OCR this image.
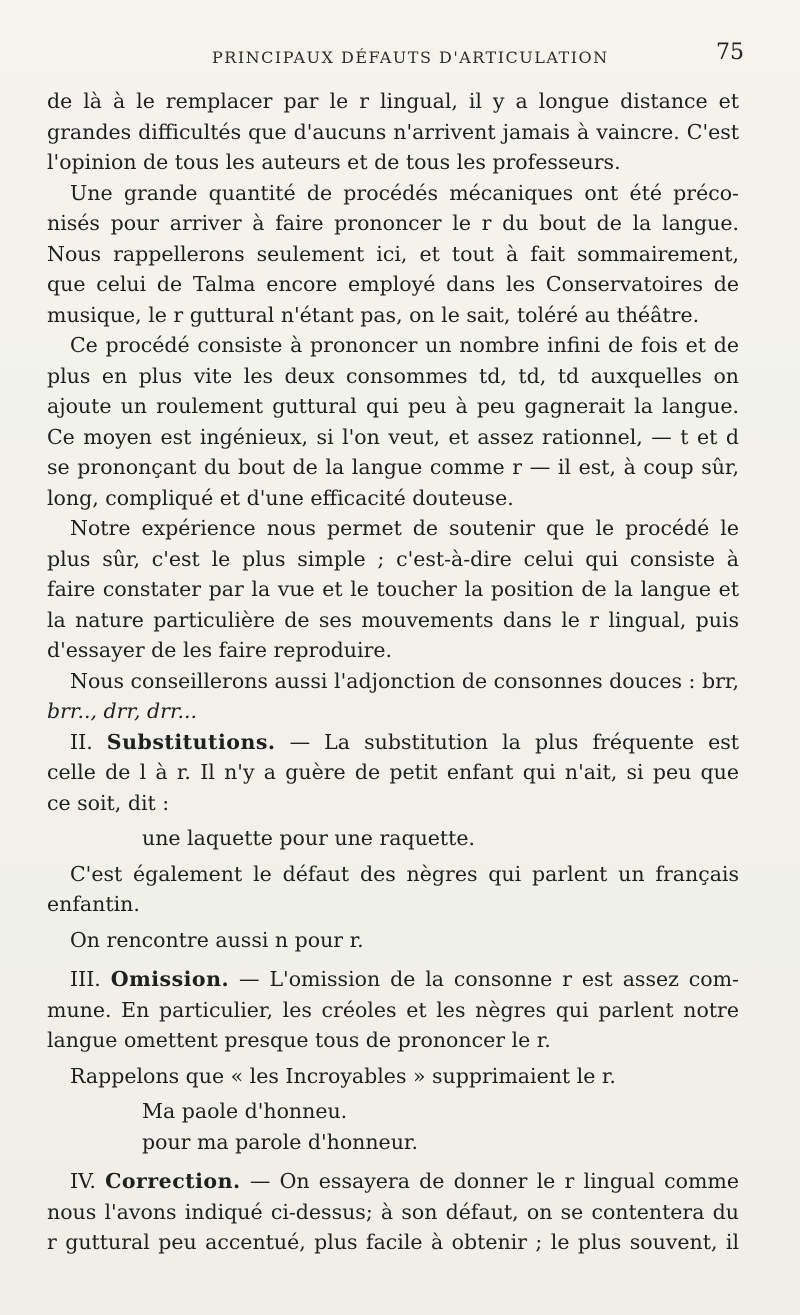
PRINCIPAUX DÉFAUTS D'ARTICULATION	75
de là à le remplacer par le r lingual, il y a longue distance et
grandes difficultés que d'aucuns n'arrivent jamais à vaincre. C'est
l'opinion de tous les auteurs et de tous les professeurs.
Une grande quantité de procédés mécaniques ont été préco-
nisés pour arriver à faire prononcer le r du bout de la langue.
Nous rappellerons seulement ici, et tout à fait sommairement,
que celui de Talma encore employé dans les Conservatoires de
musique, le r guttural n'étant pas, on le sait, toléré au théâtre.
Ce procédé consiste à prononcer un nombre infini de fois et de
plus en plus vite les deux consommes td, td, td auxquelles on
ajoute un roulement guttural qui peu à peu gagnerait la langue.
Ce moyen est ingénieux, si l'on veut, et assez rationnel, — t et d
se prononçant du bout de la langue comme r — il est, à coup sûr,
long, compliqué et d'une efficacité douteuse.
Notre expérience nous permet de soutenir que le procédé le
plus sûr, c'est le plus simple ; c'est-à-dire celui qui consiste à
faire constater par la vue et le toucher la position de la langue et
la nature particulière de ses mouvements dans le r lingual, puis
d'essayer de les faire reproduire.
Nous conseillerons aussi l'adjonction de consonnes douces : brr,
brr.., drr, drr...
II. Substitutions. — La substitution la plus fréquente est
celle de l à r. Il n'y a guère de petit enfant qui n'ait, si peu que
ce soit, dit :
une laquette pour une raquette.
C'est également le défaut des nègres qui parlent un français
enfantin.
On rencontre aussi n pour r.
III. Omission. — L'omission de la consonne r est assez com-
mune. En particulier, les créoles et les nègres qui parlent notre
langue omettent presque tous de prononcer le r.
Rappelons que « les Incroyables » supprimaient le r.
Ma paole d'honneu.
pour ma parole d'honneur.
IV. Correction. — On essayera de donner le r lingual comme
nous l'avons indiqué ci-dessus; à son défaut, on se contentera du
r guttural peu accentué, plus facile à obtenir ; le plus souvent, il
